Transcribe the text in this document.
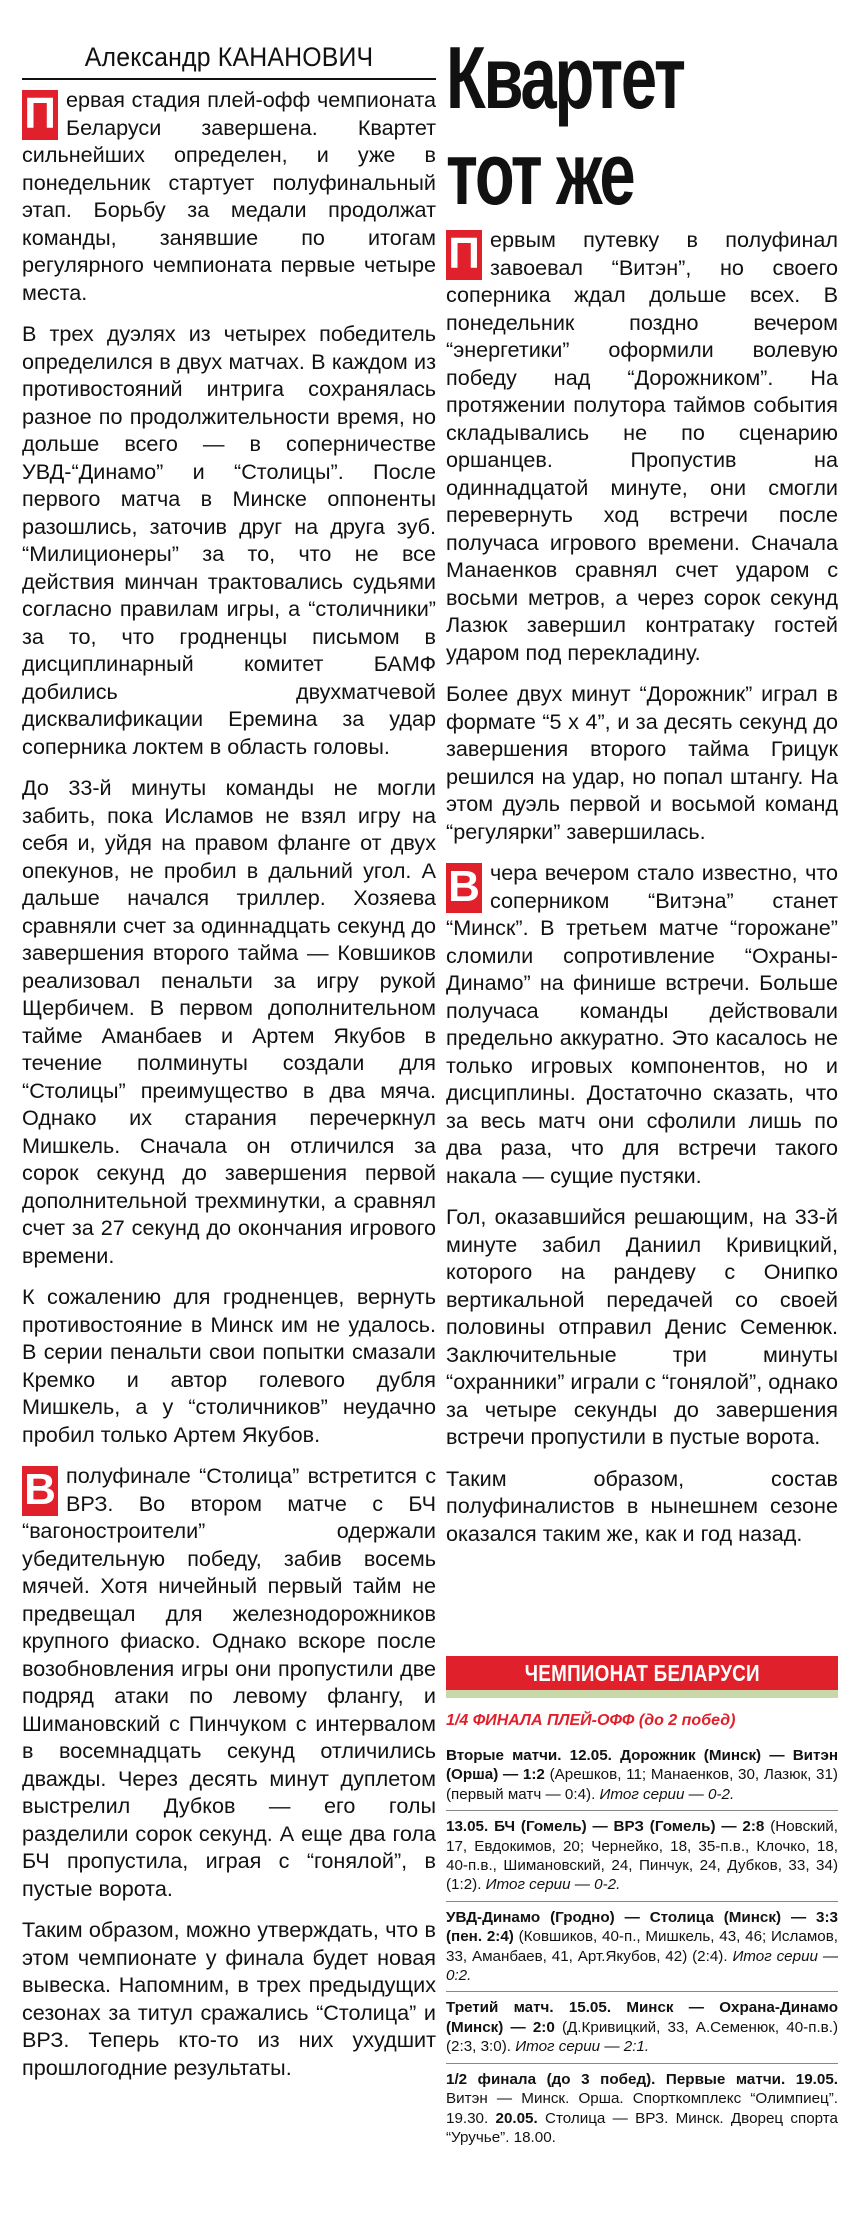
Александр КАНАНОВИЧ

П ервая стадия плей-офф чемпионата Беларуси завершена. Квартет сильнейших определен, и уже в понедельник стартует полуфинальный этап. Борьбу за медали продолжат команды, занявшие по итогам регулярного чемпионата первые четыре места.

В трех дуэлях из четырех победитель определился в двух матчах. В каждом из противостояний интрига сохранялась разное по продолжительности время, но дольше всего — в соперничестве УВД-“Динамо” и “Столицы”. После первого матча в Минске оппоненты разошлись, заточив друг на друга зуб. “Милиционеры” за то, что не все действия минчан трактовались судьями согласно правилам игры, а “столичники” за то, что гродненцы письмом в дисциплинарный комитет БАМФ добились двухматчевой дисквалификации Еремина за удар соперника локтем в область головы.

До 33-й минуты команды не могли забить, пока Исламов не взял игру на себя и, уйдя на правом фланге от двух опекунов, не пробил в дальний угол. А дальше начался триллер. Хозяева сравняли счет за одиннадцать секунд до завершения второго тайма — Ковшиков реализовал пенальти за игру рукой Щербичем. В первом дополнительном тайме Аманбаев и Артем Якубов в течение полминуты создали для “Столицы” преимущество в два мяча. Однако их старания перечеркнул Мишкель. Сначала он отличился за сорок секунд до завершения первой дополнительной трехминутки, а сравнял счет за 27 секунд до окончания игрового времени.

К сожалению для гродненцев, вернуть противостояние в Минск им не удалось. В серии пенальти свои попытки смазали Кремко и автор голевого дубля Мишкель, а у “столичников” неудачно пробил только Артем Якубов.

В полуфинале “Столица” встретится с ВРЗ. Во втором матче с БЧ “вагоностроители” одержали убедительную победу, забив восемь мячей. Хотя ничейный первый тайм не предвещал для железнодорожников крупного фиаско. Однако вскоре после возобновления игры они пропустили две подряд атаки по левому флангу, и Шимановский с Пинчуком с интервалом в восемнадцать секунд отличились дважды. Через десять минут дуплетом выстрелил Дубков — его голы разделили сорок секунд. А еще два гола БЧ пропустила, играя с “гонялой”, в пустые ворота.

Таким образом, можно утверждать, что в этом чемпионате у финала будет новая вывеска. Напомним, в трех предыдущих сезонах за титул сражались “Столица” и ВРЗ. Теперь кто-то из них ухудшит прошлогодние результаты.

Квартет
тот же

П ервым путевку в полуфинал завоевал “Витэн”, но своего соперника ждал дольше всех. В понедельник поздно вечером “энергетики” оформили волевую победу над “Дорожником”. На протяжении полутора таймов события складывались не по сценарию оршанцев. Пропустив на одиннадцатой минуте, они смогли перевернуть ход встречи после получаса игрового времени. Сначала Манаенков сравнял счет ударом с восьми метров, а через сорок секунд Лазюк завершил контратаку гостей ударом под перекладину.

Более двух минут “Дорожник” играл в формате “5 х 4”, и за десять секунд до завершения второго тайма Грицук решился на удар, но попал штангу. На этом дуэль первой и восьмой команд “регулярки” завершилась.

В чера вечером стало известно, что соперником “Витэна” станет “Минск”. В третьем матче “горожане” сломили сопротивление “Охраны-Динамо” на финише встречи. Больше получаса команды действовали предельно аккуратно. Это касалось не только игровых компонентов, но и дисциплины. Достаточно сказать, что за весь матч они сфолили лишь по два раза, что для встречи такого накала — сущие пустяки.

Гол, оказавшийся решающим, на 33-й минуте забил Даниил Кривицкий, которого на рандеву с Онипко вертикальной передачей со своей половины отправил Денис Семенюк. Заключительные три минуты “охранники” играли с “гонялой”, однако за четыре секунды до завершения встречи пропустили в пустые ворота.

Таким образом, состав полуфиналистов в нынешнем сезоне оказался таким же, как и год назад.

ЧЕМПИОНАТ БЕЛАРУСИ
1/4 ФИНАЛА ПЛЕЙ-ОФФ (до 2 побед)
Вторые матчи. 12.05. Дорожник (Минск) — Витэн (Орша) — 1:2 (Арешков, 11; Манаенков, 30, Лазюк, 31) (первый матч — 0:4). Итог серии — 0-2.
13.05. БЧ (Гомель) — ВРЗ (Гомель) — 2:8 (Новский, 17, Евдокимов, 20; Чернейко, 18, 35-п.в., Клочко, 18, 40-п.в., Шимановский, 24, Пинчук, 24, Дубков, 33, 34) (1:2). Итог серии — 0-2.
УВД-Динамо (Гродно) — Столица (Минск) — 3:3 (пен. 2:4) (Ковшиков, 40-п., Мишкель, 43, 46; Исламов, 33, Аманбаев, 41, Арт.Якубов, 42) (2:4). Итог серии — 0:2.
Третий матч. 15.05. Минск — Охрана-Динамо (Минск) — 2:0 (Д.Кривицкий, 33, А.Семенюк, 40-п.в.) (2:3, 3:0). Итог серии — 2:1.
1/2 финала (до 3 побед). Первые матчи. 19.05. Витэн — Минск. Орша. Спорткомплекс “Олимпиец”. 19.30. 20.05. Столица — ВРЗ. Минск. Дворец спорта “Уручье”. 18.00.
